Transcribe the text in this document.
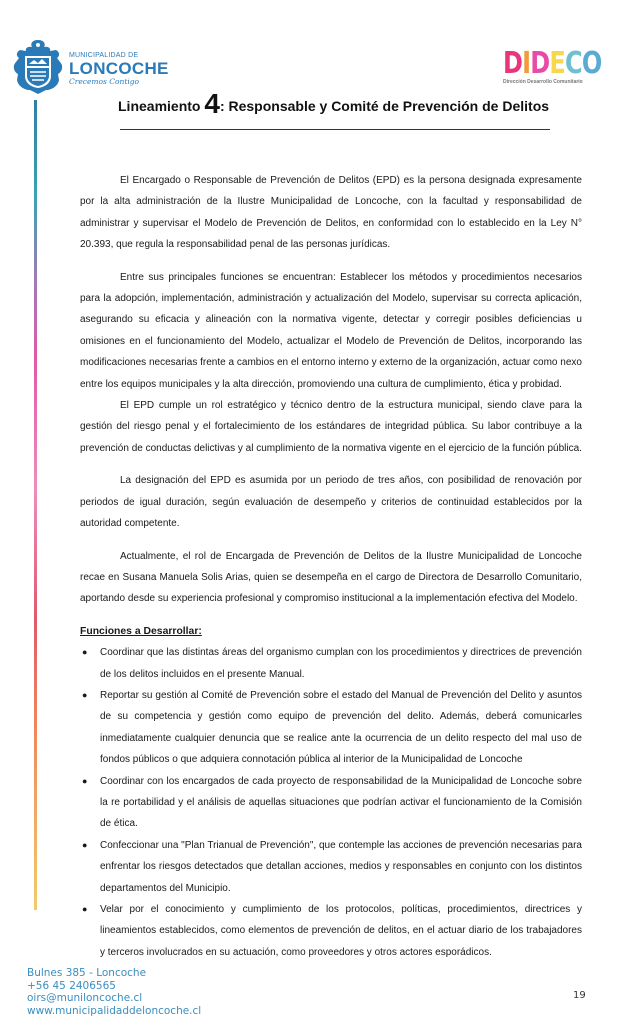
MUNICIPALIDAD DE
LONCOCHE
Crecemos Contigo
DIDECO
Dirección Desarrollo Comunitario
Lineamiento 4: Responsable y Comité de Prevención de Delitos

El Encargado o Responsable de Prevención de Delitos (EPD) es la persona designada expresamente por la alta administración de la Ilustre Municipalidad de Loncoche, con la facultad y responsabilidad de administrar y supervisar el Modelo de Prevención de Delitos, en conformidad con lo establecido en la Ley N° 20.393, que regula la responsabilidad penal de las personas jurídicas.

Entre sus principales funciones se encuentran: Establecer los métodos y procedimientos necesarios para la adopción, implementación, administración y actualización del Modelo, supervisar su correcta aplicación, asegurando su eficacia y alineación con la normativa vigente, detectar y corregir posibles deficiencias u omisiones en el funcionamiento del Modelo, actualizar el Modelo de Prevención de Delitos, incorporando las modificaciones necesarias frente a cambios en el entorno interno y externo de la organización, actuar como nexo entre los equipos municipales y la alta dirección, promoviendo una cultura de cumplimiento, ética y probidad.

El EPD cumple un rol estratégico y técnico dentro de la estructura municipal, siendo clave para la gestión del riesgo penal y el fortalecimiento de los estándares de integridad pública. Su labor contribuye a la prevención de conductas delictivas y al cumplimiento de la normativa vigente en el ejercicio de la función pública.

La designación del EPD es asumida por un periodo de tres años, con posibilidad de renovación por periodos de igual duración, según evaluación de desempeño y criterios de continuidad establecidos por la autoridad competente.

Actualmente, el rol de Encargada de Prevención de Delitos de la Ilustre Municipalidad de Loncoche recae en Susana Manuela Solis Arias, quien se desempeña en el cargo de Directora de Desarrollo Comunitario, aportando desde su experiencia profesional y compromiso institucional a la implementación efectiva del Modelo.

Funciones a Desarrollar:
● Coordinar que las distintas áreas del organismo cumplan con los procedimientos y directrices de prevención de los delitos incluidos en el presente Manual.
● Reportar su gestión al Comité de Prevención sobre el estado del Manual de Prevención del Delito y asuntos de su competencia y gestión como equipo de prevención del delito. Además, deberá comunicarles inmediatamente cualquier denuncia que se realice ante la ocurrencia de un delito respecto del mal uso de fondos públicos o que adquiera connotación pública al interior de la Municipalidad de Loncoche
● Coordinar con los encargados de cada proyecto de responsabilidad de la Municipalidad de Loncoche sobre la re portabilidad y el análisis de aquellas situaciones que podrían activar el funcionamiento de la Comisión de ética.
● Confeccionar una "Plan Trianual de Prevención", que contemple las acciones de prevención necesarias para enfrentar los riesgos detectados que detallan acciones, medios y responsables en conjunto con los distintos departamentos del Municipio.
● Velar por el conocimiento y cumplimiento de los protocolos, políticas, procedimientos, directrices y lineamientos establecidos, como elementos de prevención de delitos, en el actuar diario de los trabajadores y terceros involucrados en su actuación, como proveedores y otros actores esporádicos.
Bulnes 385 - Loncoche
+56 45 2406565
oirs@muniloncoche.cl
www.municipalidaddeloncoche.cl
19
